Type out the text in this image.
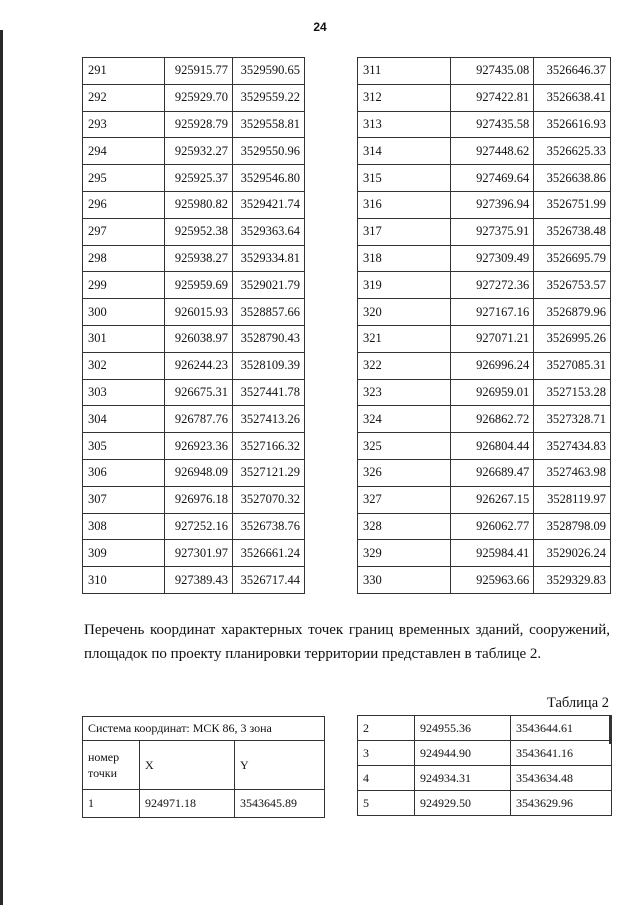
24
291	925915.77	3529590.65
292	925929.70	3529559.22
293	925928.79	3529558.81
294	925932.27	3529550.96
295	925925.37	3529546.80
296	925980.82	3529421.74
297	925952.38	3529363.64
298	925938.27	3529334.81
299	925959.69	3529021.79
300	926015.93	3528857.66
301	926038.97	3528790.43
302	926244.23	3528109.39
303	926675.31	3527441.78
304	926787.76	3527413.26
305	926923.36	3527166.32
306	926948.09	3527121.29
307	926976.18	3527070.32
308	927252.16	3526738.76
309	927301.97	3526661.24
310	927389.43	3526717.44
311	927435.08	3526646.37
312	927422.81	3526638.41
313	927435.58	3526616.93
314	927448.62	3526625.33
315	927469.64	3526638.86
316	927396.94	3526751.99
317	927375.91	3526738.48
318	927309.49	3526695.79
319	927272.36	3526753.57
320	927167.16	3526879.96
321	927071.21	3526995.26
322	926996.24	3527085.31
323	926959.01	3527153.28
324	926862.72	3527328.71
325	926804.44	3527434.83
326	926689.47	3527463.98
327	926267.15	3528119.97
328	926062.77	3528798.09
329	925984.41	3529026.24
330	925963.66	3529329.83
Перечень координат характерных точек границ временных зданий, сооружений, площадок по проекту планировки территории представлен в таблице 2.
Таблица 2
Система координат: МСК 86, 3 зона		
номер точки	X	Y
1	924971.18	3543645.89
2	924955.36	3543644.61
3	924944.90	3543641.16
4	924934.31	3543634.48
5	924929.50	3543629.96
